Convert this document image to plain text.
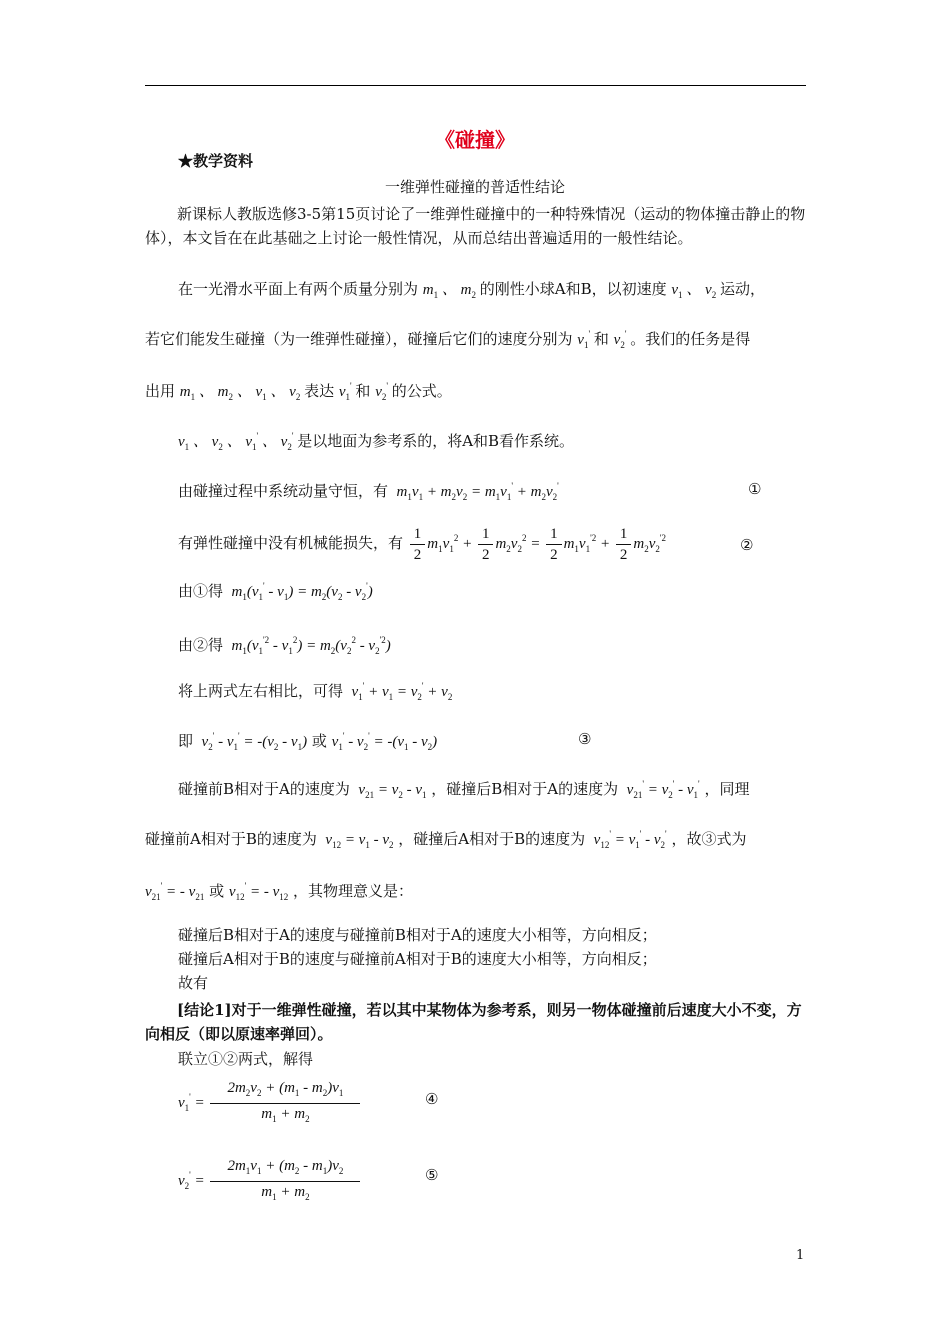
《碰撞》
★教学资料
一维弹性碰撞的普适性结论
新课标人教版选修3-5第15页讨论了一维弹性碰撞中的一种特殊情况（运动的物体撞击静止的物体），本文旨在在此基础之上讨论一般性情况，从而总结出普遍适用的一般性结论。
在一光滑水平面上有两个质量分别为 $m_1$ 、 $m_2$ 的刚性小球A和B，以初速度 $v_1$ 、 $v_2$ 运动，
若它们能发生碰撞（为一维弹性碰撞），碰撞后它们的速度分别为 $v_1'$ 和 $v_2'$ 。我们的任务是得
出用 $m_1$ 、 $m_2$ 、 $v_1$ 、 $v_2$ 表达 $v_1'$ 和 $v_2'$ 的公式。
$v_1$ 、 $v_2$ 、 $v_1'$ 、 $v_2'$ 是以地面为参考系的，将A和B看作系统。
由碰撞过程中系统动量守恒，有  $m_1v_1 + m_2v_2 = m_1v_1' + m_2v_2'$	①
有弹性碰撞中没有机械能损失，有 $\frac{1}{2} m_1v_1^2 + \frac{1}{2} m_2v_2^2 = \frac{1}{2} m_1v_1^{'2} + \frac{1}{2} m_2v_2^{'2}$	②
由①得  $m_1(v_1' - v_1) = m_2(v_2 - v_2')$
由②得  $m_1(v_1^{'2} - v_1^2) = m_2(v_2^2 - v_2^{'2})$
将上两式左右相比，可得  $v_1' + v_1 = v_2' + v_2$
即  $v_2' - v_1' = -(v_2 - v_1)$ 或 $v_1' - v_2' = -(v_1 - v_2)$	③
碰撞前B相对于A的速度为  $v_{21} = v_2 - v_1$ ，碰撞后B相对于A的速度为  $v_{21}' = v_2' - v_1'$ ，同理
碰撞前A相对于B的速度为  $v_{12} = v_1 - v_2$ ，碰撞后A相对于B的速度为  $v_{12}' = v_1' - v_2'$ ，故③式为
$v_{21}'$ = - $v_{21}$ 或 $v_{12}'$ = - $v_{12}$ ，其物理意义是：
碰撞后B相对于A的速度与碰撞前B相对于A的速度大小相等，方向相反；
碰撞后A相对于B的速度与碰撞前A相对于B的速度大小相等，方向相反；
故有
[结论1]对于一维弹性碰撞，若以其中某物体为参考系，则另一物体碰撞前后速度大小不变，方向相反（即以原速率弹回）。
联立①②两式，解得
$v_1' = \frac{2m_2v_2 + (m_1 - m_2)v_1}{m_1 + m_2}$	④
$v_2' = \frac{2m_1v_1 + (m_2 - m_1)v_2}{m_1 + m_2}$	⑤
1
